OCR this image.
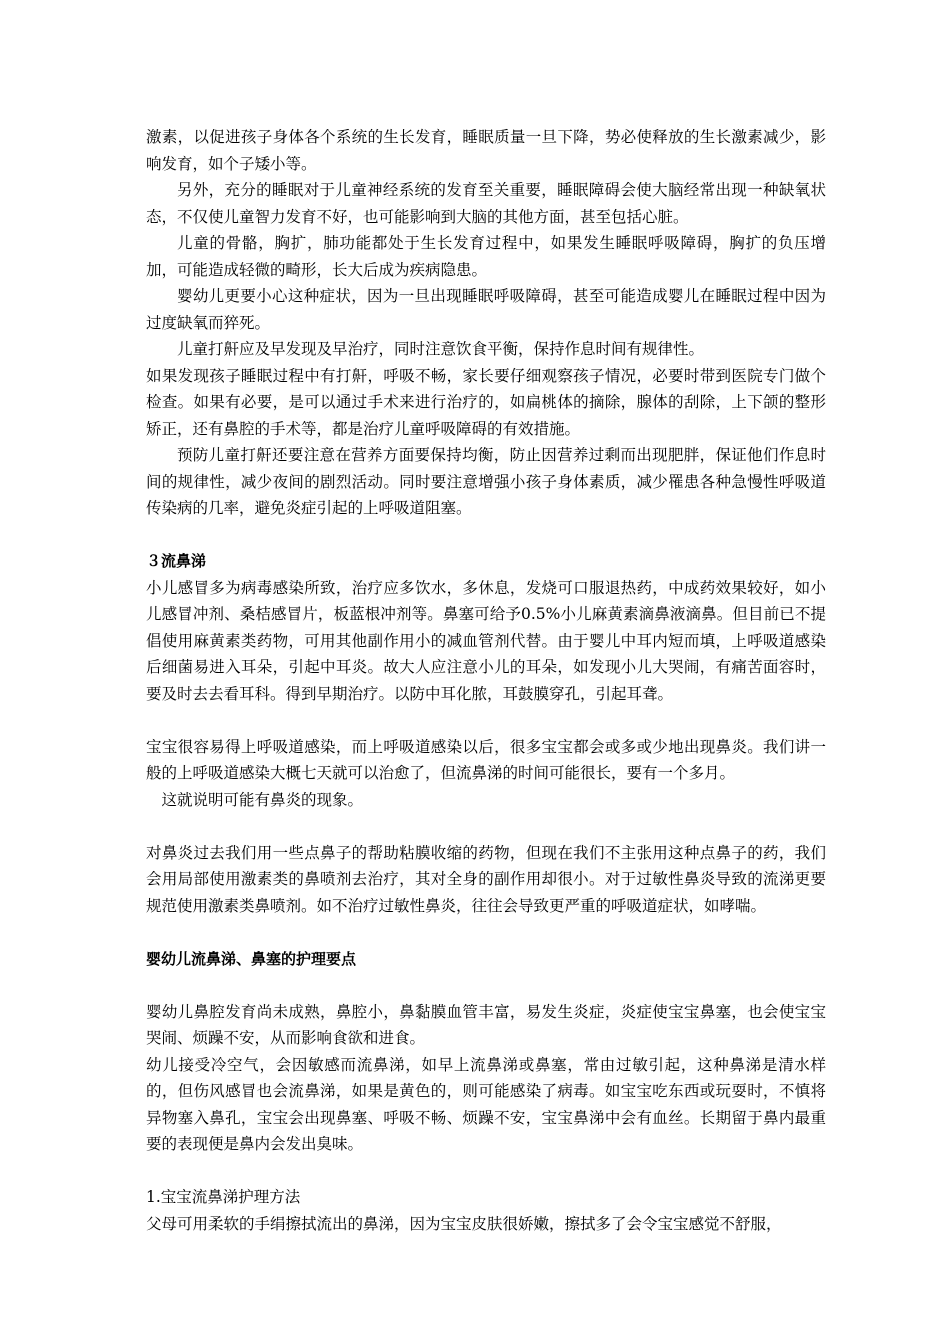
激素，以促进孩子身体各个系统的生长发育，睡眠质量一旦下降，势必使释放的生长激素减少，影响发育，如个子矮小等。

另外，充分的睡眠对于儿童神经系统的发育至关重要，睡眠障碍会使大脑经常出现一种缺氧状态，不仅使儿童智力发育不好，也可能影响到大脑的其他方面，甚至包括心脏。

儿童的骨骼，胸扩，肺功能都处于生长发育过程中，如果发生睡眠呼吸障碍，胸扩的负压增加，可能造成轻微的畸形，长大后成为疾病隐患。

婴幼儿更要小心这种症状，因为一旦出现睡眠呼吸障碍，甚至可能造成婴儿在睡眠过程中因为过度缺氧而猝死。

儿童打鼾应及早发现及早治疗，同时注意饮食平衡，保持作息时间有规律性。

如果发现孩子睡眠过程中有打鼾，呼吸不畅，家长要仔细观察孩子情况，必要时带到医院专门做个检查。如果有必要，是可以通过手术来进行治疗的，如扁桃体的摘除，腺体的刮除，上下颌的整形矫正，还有鼻腔的手术等，都是治疗儿童呼吸障碍的有效措施。

预防儿童打鼾还要注意在营养方面要保持均衡，防止因营养过剩而出现肥胖，保证他们作息时间的规律性，减少夜间的剧烈活动。同时要注意增强小孩子身体素质，减少罹患各种急慢性呼吸道传染病的几率，避免炎症引起的上呼吸道阻塞。

３流鼻涕

小儿感冒多为病毒感染所致，治疗应多饮水，多休息，发烧可口服退热药，中成药效果较好，如小儿感冒冲剂、桑桔感冒片，板蓝根冲剂等。鼻塞可给予0.5%小儿麻黄素滴鼻液滴鼻。但目前已不提倡使用麻黄素类药物，可用其他副作用小的减血管剂代替。由于婴儿中耳内短而填，上呼吸道感染后细菌易进入耳朵，引起中耳炎。故大人应注意小儿的耳朵，如发现小儿大哭闹，有痛苦面容时，要及时去去看耳科。得到早期治疗。以防中耳化脓，耳鼓膜穿孔，引起耳聋。

宝宝很容易得上呼吸道感染，而上呼吸道感染以后，很多宝宝都会或多或少地出现鼻炎。我们讲一般的上呼吸道感染大概七天就可以治愈了，但流鼻涕的时间可能很长，要有一个多月。

这就说明可能有鼻炎的现象。

对鼻炎过去我们用一些点鼻子的帮助粘膜收缩的药物，但现在我们不主张用这种点鼻子的药，我们会用局部使用激素类的鼻喷剂去治疗，其对全身的副作用却很小。对于过敏性鼻炎导致的流涕更要规范使用激素类鼻喷剂。如不治疗过敏性鼻炎，往往会导致更严重的呼吸道症状，如哮喘。

婴幼儿流鼻涕、鼻塞的护理要点

婴幼儿鼻腔发育尚未成熟，鼻腔小，鼻黏膜血管丰富，易发生炎症，炎症使宝宝鼻塞，也会使宝宝哭闹、烦躁不安，从而影响食欲和进食。

幼儿接受冷空气，会因敏感而流鼻涕，如早上流鼻涕或鼻塞，常由过敏引起，这种鼻涕是清水样的，但伤风感冒也会流鼻涕，如果是黄色的，则可能感染了病毒。如宝宝吃东西或玩耍时，不慎将异物塞入鼻孔，宝宝会出现鼻塞、呼吸不畅、烦躁不安，宝宝鼻涕中会有血丝。长期留于鼻内最重要的表现便是鼻内会发出臭味。

1.宝宝流鼻涕护理方法

父母可用柔软的手绢擦拭流出的鼻涕，因为宝宝皮肤很娇嫩，擦拭多了会令宝宝感觉不舒服，
